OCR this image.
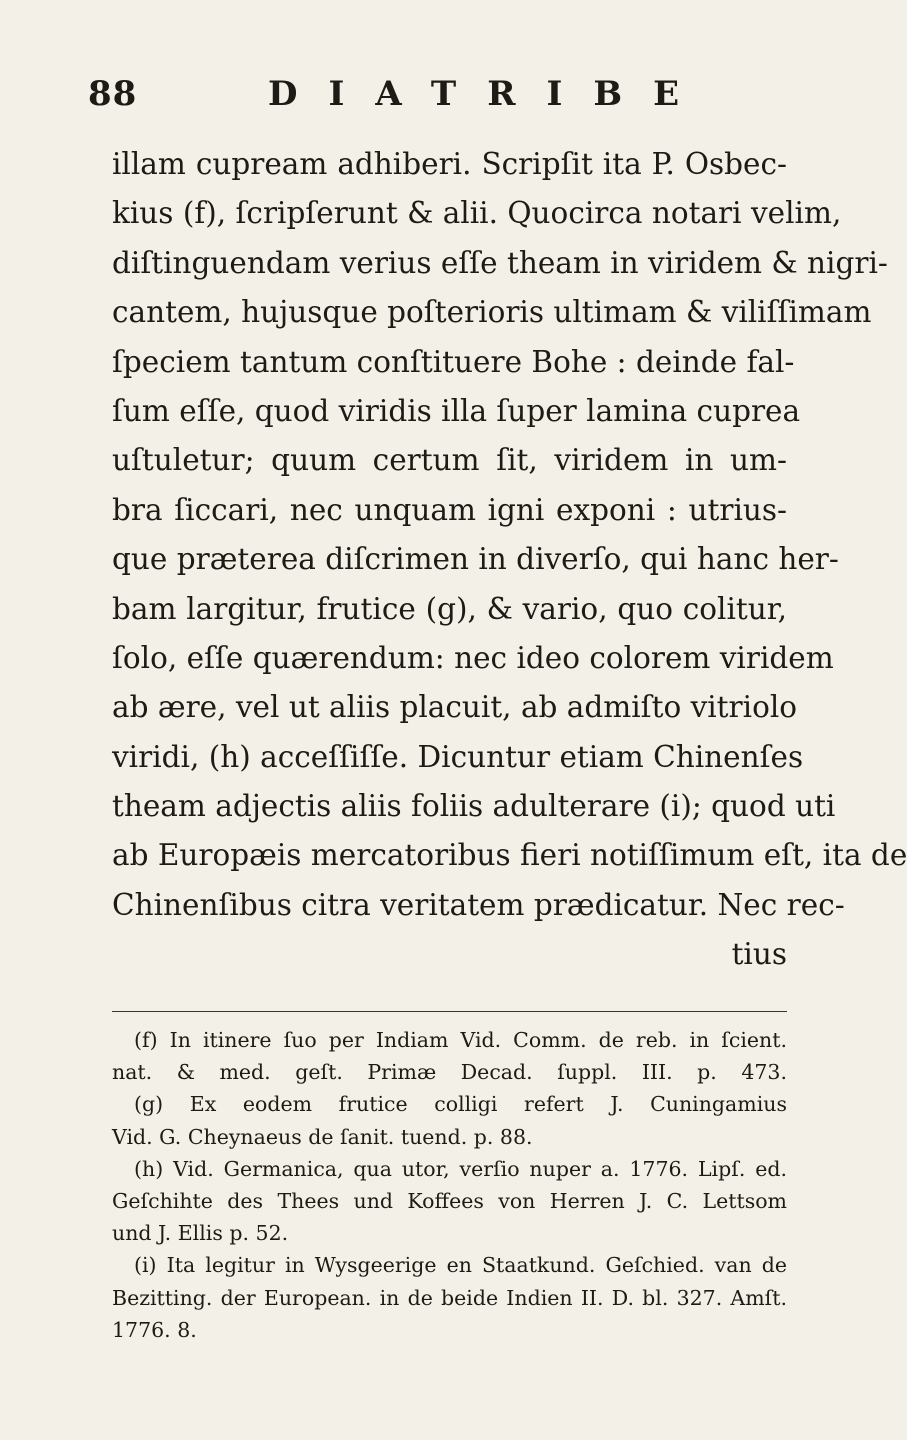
88	DIATRIBE
illam cupream adhiberi. Scripſit ita P. Osbec-
kius (f), ſcripſerunt & alii. Quocirca notari velim,
diſtinguendam verius eſſe theam in viridem & nigri-
cantem, hujusque poſterioris ultimam & viliſſimam
ſpeciem tantum conſtituere Bohe : deinde fal-
ſum eſſe, quod viridis illa ſuper lamina cuprea
uſtuletur; quum certum ſit, viridem in um-
bra ſiccari, nec unquam igni exponi : utrius-
que præterea diſcrimen in diverſo, qui hanc her-
bam largitur, frutice (g), & vario, quo colitur,
ſolo, eſſe quærendum: nec ideo colorem viridem
ab ære, vel ut aliis placuit, ab admiſto vitriolo
viridi, (h) acceſſiſſe. Dicuntur etiam Chinenſes
theam adjectis aliis foliis adulterare (i); quod uti
ab Europæis mercatoribus fieri notiſſimum eſt, ita de
Chinenſibus citra veritatem prædicatur. Nec rec-
tius
(f) In itinere ſuo per Indiam Vid. Comm. de reb. in ſcient.
nat. & med. geſt. Primæ Decad. ſuppl. III. p. 473.
(g) Ex eodem frutice colligi refert J. Cuningamius
Vid. G. Cheynaeus de ſanit. tuend. p. 88.
(h) Vid. Germanica, qua utor, verſio nuper a. 1776. Lipſ. ed.
Geſchihte des Thees und Koffees von Herren J. C. Lettsom
und J. Ellis p. 52.
(i) Ita legitur in Wysgeerige en Staatkund. Geſchied. van de
Bezitting. der European. in de beide Indien II. D. bl. 327. Amſt.
1776. 8.
